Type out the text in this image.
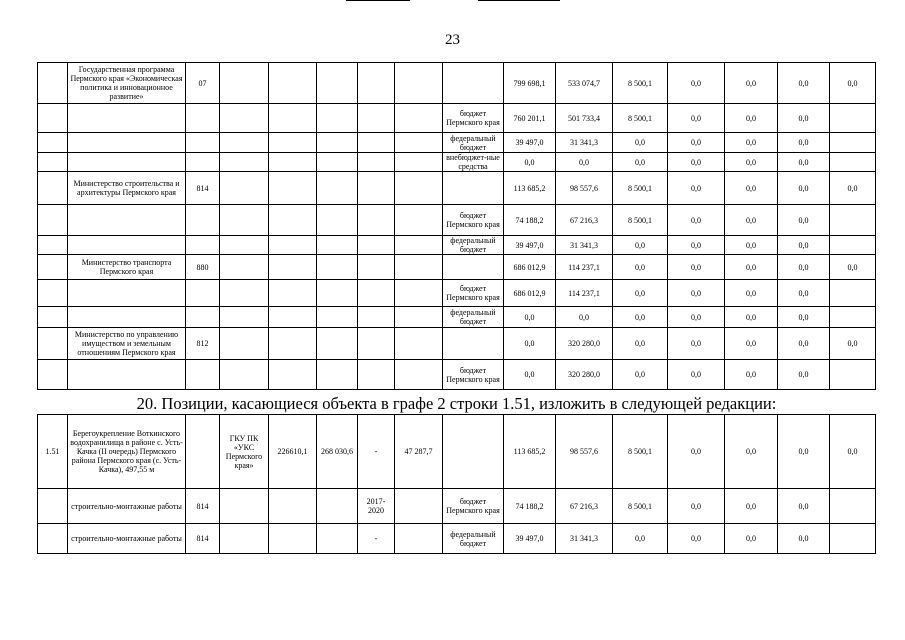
23
	Государственная программа Пермского края «Экономическая политика и инновационное развитие»	07							799 698,1	533 074,7	8 500,1	0,0	0,0	0,0	0,0
								бюджет Пермского края	760 201,1	501 733,4	8 500,1	0,0	0,0	0,0	
								федеральный бюджет	39 497,0	31 341,3	0,0	0,0	0,0	0,0	
								внебюджет-ные средства	0,0	0,0	0,0	0,0	0,0	0,0	
	Министерство строительства и архитектуры Пермского края	814							113 685,2	98 557,6	8 500,1	0,0	0,0	0,0	0,0
								бюджет Пермского края	74 188,2	67 216,3	8 500,1	0,0	0,0	0,0	
								федеральный бюджет	39 497,0	31 341,3	0,0	0,0	0,0	0,0	
	Министерство транспорта Пермского края	880							686 012,9	114 237,1	0,0	0,0	0,0	0,0	0,0
								бюджет Пермского края	686 012,9	114 237,1	0,0	0,0	0,0	0,0	
								федеральный бюджет	0,0	0,0	0,0	0,0	0,0	0,0	
	Министерство по управлению имуществом и земельным отношениям Пермского края	812							0,0	320 280,0	0,0	0,0	0,0	0,0	0,0
								бюджет Пермского края	0,0	320 280,0	0,0	0,0	0,0	0,0	
20. Позиции, касающиеся объекта в графе 2 строки 1.51, изложить в следующей редакции:
1.51	Берегоукрепление Воткинского водохранилища в районе с. Усть-Качка (II очередь) Пермского района Пермского края (с. Усть-Качка), 497,55 м		ГКУ ПК «УКС Пермского края»	226610,1	268 030,6	-	47 287,7		113 685,2	98 557,6	8 500,1	0,0	0,0	0,0	0,0
	строительно-монтажные работы	814				2017-2020		бюджет Пермского края	74 188,2	67 216,3	8 500,1	0,0	0,0	0,0	
	строительно-монтажные работы	814				-		федеральный бюджет	39 497,0	31 341,3	0,0	0,0	0,0	0,0	
